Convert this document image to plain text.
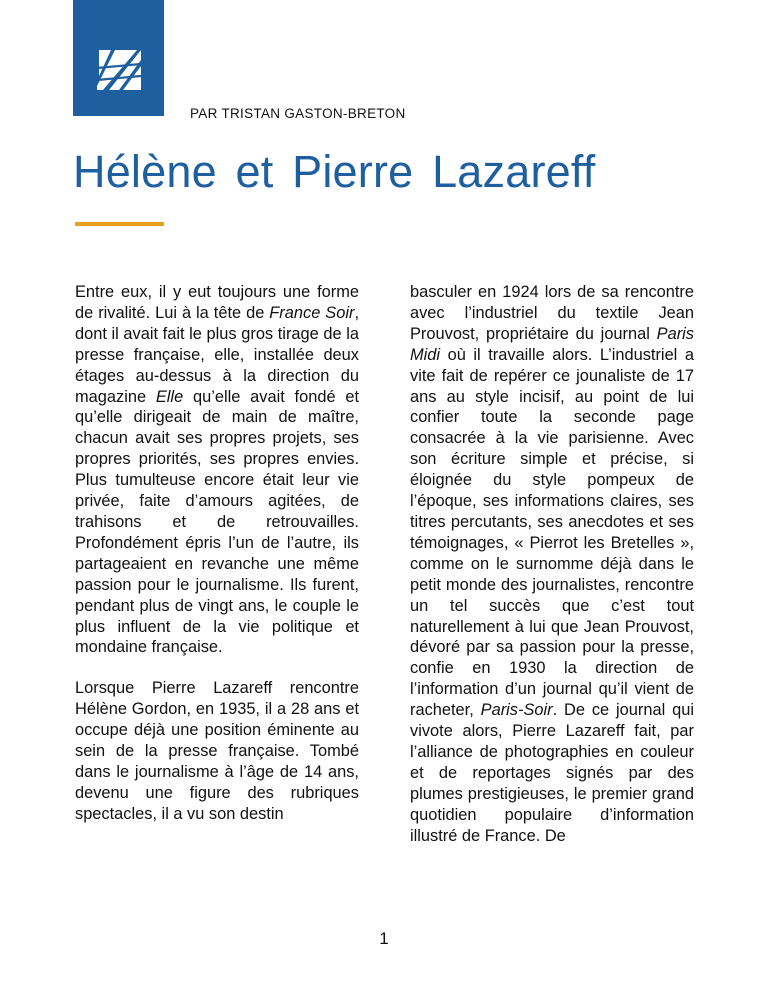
PAR TRISTAN GASTON-BRETON
Hélène et Pierre Lazareff

Entre eux, il y eut toujours une forme de rivalité. Lui à la tête de France Soir, dont il avait fait le plus gros tirage de la presse française, elle, installée deux étages au-dessus à la direction du magazine Elle qu’elle avait fondé et qu’elle dirigeait de main de maître, chacun avait ses propres projets, ses propres priorités, ses propres envies. Plus tumulteuse encore était leur vie privée, faite d’amours agitées, de trahisons et de retrouvailles. Profondément épris l’un de l’autre, ils partageaient en revanche une même passion pour le journalisme. Ils furent, pendant plus de vingt ans, le couple le plus influent de la vie politique et mondaine française.

Lorsque Pierre Lazareff rencontre Hélène Gordon, en 1935, il a 28 ans et occupe déjà une position éminente au sein de la presse française. Tombé dans le journalisme à l’âge de 14 ans, devenu une figure des rubriques spectacles, il a vu son destin

basculer en 1924 lors de sa rencontre avec l’industriel du textile Jean Prouvost, propriétaire du journal Paris Midi où il travaille alors. L’industriel a vite fait de repérer ce jounaliste de 17 ans au style incisif, au point de lui confier toute la seconde page consacrée à la vie parisienne. Avec son écriture simple et précise, si éloignée du style pompeux de l’époque, ses informations claires, ses titres percutants, ses anecdotes et ses témoignages, « Pierrot les Bretelles », comme on le surnomme déjà dans le petit monde des journalistes, rencontre un tel succès que c’est tout naturellement à lui que Jean Prouvost, dévoré par sa passion pour la presse, confie en 1930 la direction de l’information d’un journal qu’il vient de racheter, Paris-Soir. De ce journal qui vivote alors, Pierre Lazareff fait, par l’alliance de photographies en couleur et de reportages signés par des plumes prestigieuses, le premier grand quotidien populaire d’information illustré de France. De

1
